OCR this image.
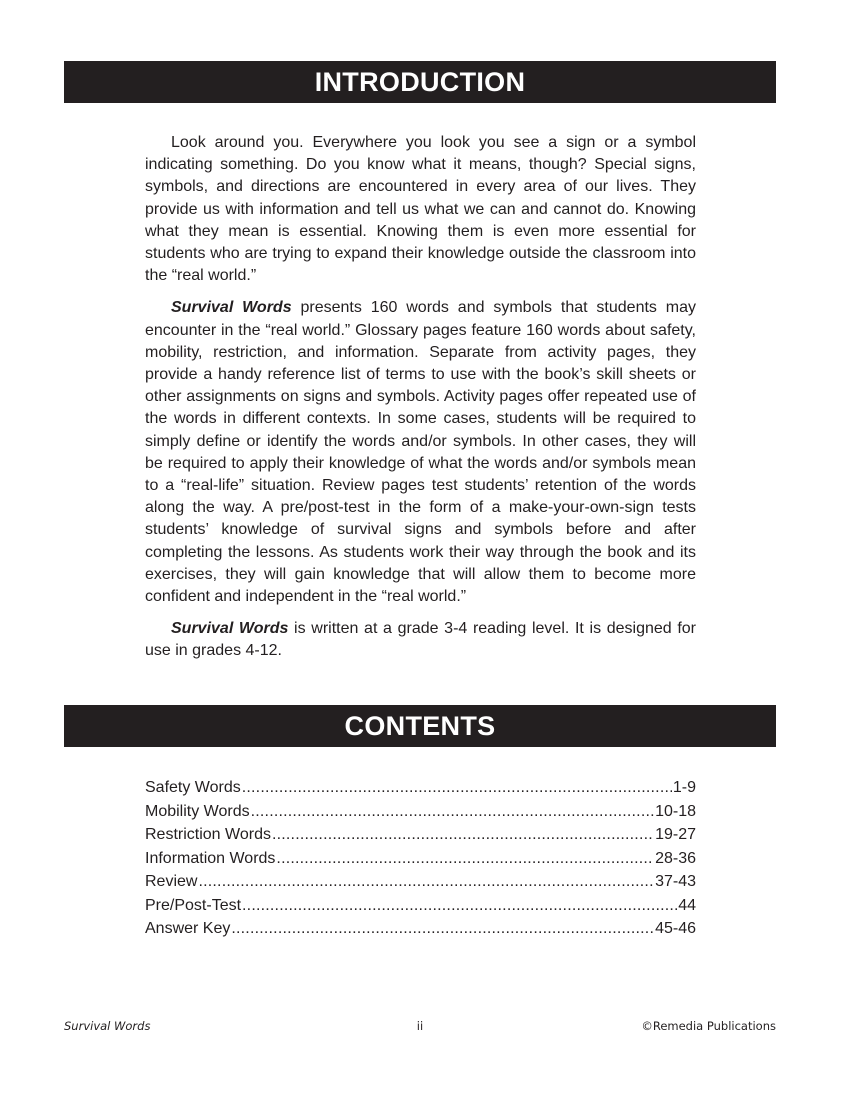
INTRODUCTION

Look around you. Everywhere you look you see a sign or a symbol indicating something. Do you know what it means, though? Special signs, symbols, and directions are encountered in every area of our lives. They provide us with information and tell us what we can and cannot do. Knowing what they mean is essential. Knowing them is even more essential for students who are trying to expand their knowledge outside the classroom into the “real world.”

Survival Words presents 160 words and symbols that students may encounter in the “real world.” Glossary pages feature 160 words about safety, mobility, restriction, and information. Separate from activity pages, they provide a handy reference list of terms to use with the book’s skill sheets or other assignments on signs and symbols. Activity pages offer repeated use of the words in different contexts. In some cases, students will be required to simply define or identify the words and/or symbols. In other cases, they will be required to apply their knowledge of what the words and/or symbols mean to a “real-life” situation. Review pages test students’ retention of the words along the way. A pre/post-test in the form of a make-your-own-sign tests students’ knowledge of survival signs and symbols before and after completing the lessons. As students work their way through the book and its exercises, they will gain knowledge that will allow them to become more confident and independent in the “real world.”

Survival Words is written at a grade 3-4 reading level. It is designed for use in grades 4-12.

CONTENTS
Safety Words .....	1-9
Mobility Words .....	10-18
Restriction Words .....	19-27
Information Words .....	28-36
Review .....	37-43
Pre/Post-Test .....	44
Answer Key .....	45-46
Survival Words	ii	©Remedia Publications
